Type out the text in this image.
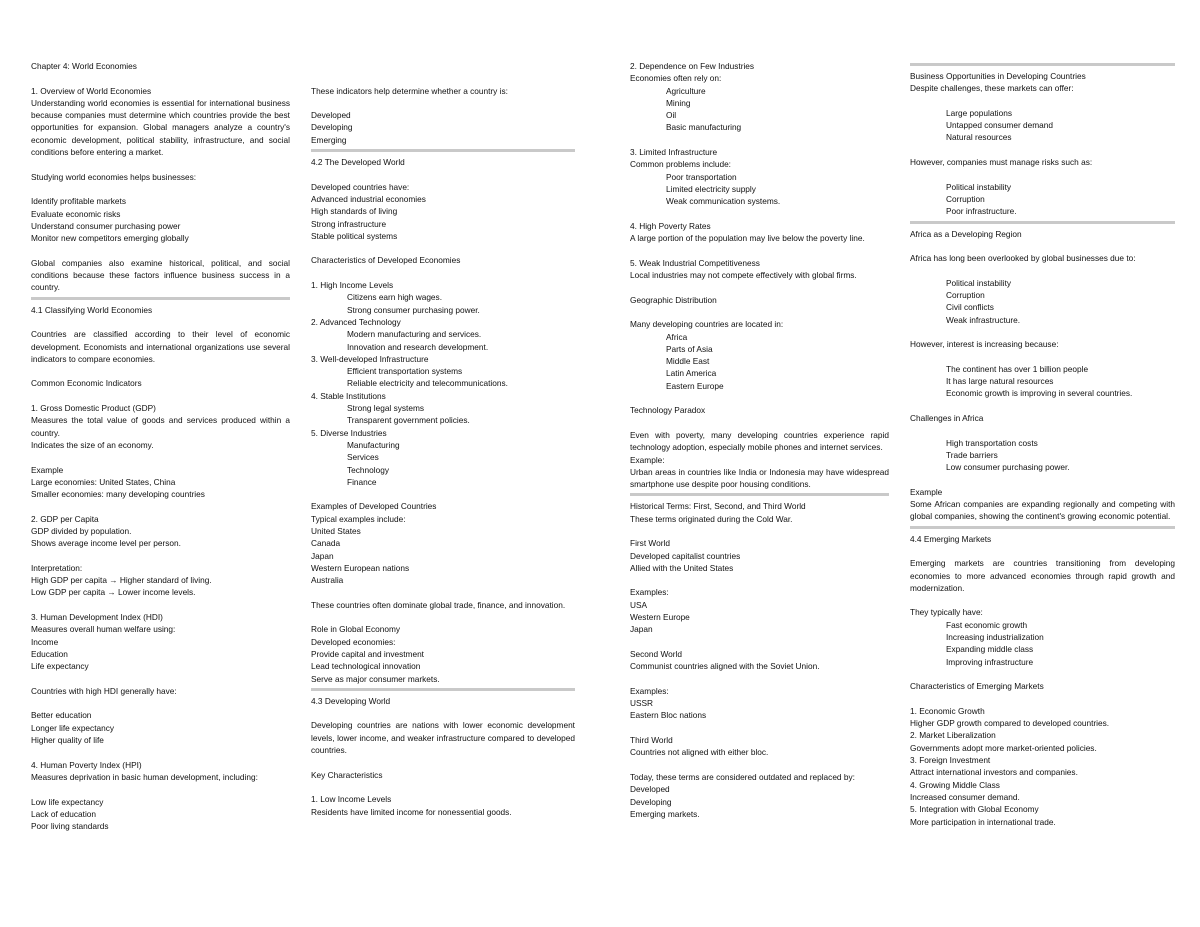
Chapter 4: World Economies
1. Overview of World Economies

Understanding world economies is essential for international business because companies must determine which countries provide the best opportunities for expansion. Global managers analyze a country's economic development, political stability, infrastructure, and social conditions before entering a market.

Studying world economies helps businesses:
Identify profitable markets
Evaluate economic risks
Understand consumer purchasing power
Monitor new competitors emerging globally

Global companies also examine historical, political, and social conditions because these factors influence business success in a country.

4.1 Classifying World Economies

Countries are classified according to their level of economic development. Economists and international organizations use several indicators to compare economies.

Common Economic Indicators
1. Gross Domestic Product (GDP)

Measures the total value of goods and services produced within a country.

Indicates the size of an economy.
Example
Large economies: United States, China
Smaller economies: many developing countries
2. GDP per Capita
GDP divided by population.
Shows average income level per person.
Interpretation:
High GDP per capita → Higher standard of living.
Low GDP per capita → Lower income levels.
3. Human Development Index (HDI)
Measures overall human welfare using:
Income
Education
Life expectancy
Countries with high HDI generally have:
Better education
Longer life expectancy
Higher quality of life
4. Human Poverty Index (HPI)
Measures deprivation in basic human development, including:
Low life expectancy
Lack of education
Poor living standards
These indicators help determine whether a country is:
Developed
Developing
Emerging
4.2 The Developed World
Developed countries have:
Advanced industrial economies
High standards of living
Strong infrastructure
Stable political systems
Characteristics of Developed Economies
1. High Income Levels
Citizens earn high wages.
Strong consumer purchasing power.
2. Advanced Technology
Modern manufacturing and services.
Innovation and research development.
3. Well-developed Infrastructure
Efficient transportation systems
Reliable electricity and telecommunications.
4. Stable Institutions
Strong legal systems
Transparent government policies.
5. Diverse Industries
Manufacturing
Services
Technology
Finance
Examples of Developed Countries
Typical examples include:
United States
Canada
Japan
Western European nations
Australia

These countries often dominate global trade, finance, and innovation.

Role in Global Economy
Developed economies:
Provide capital and investment
Lead technological innovation
Serve as major consumer markets.
4.3 Developing World

Developing countries are nations with lower economic development levels, lower income, and weaker infrastructure compared to developed countries.

Key Characteristics
1. Low Income Levels
Residents have limited income for nonessential goods.
2. Dependence on Few Industries
Economies often rely on:
Agriculture
Mining
Oil
Basic manufacturing
3. Limited Infrastructure
Common problems include:
Poor transportation
Limited electricity supply
Weak communication systems.
4. High Poverty Rates

A large portion of the population may live below the poverty line.

5. Weak Industrial Competitiveness
Local industries may not compete effectively with global firms.
Geographic Distribution
Many developing countries are located in:
Africa
Parts of Asia
Middle East
Latin America
Eastern Europe
Technology Paradox

Even with poverty, many developing countries experience rapid technology adoption, especially mobile phones and internet services.

Example:

Urban areas in countries like India or Indonesia may have widespread smartphone use despite poor housing conditions.

Historical Terms: First, Second, and Third World
These terms originated during the Cold War.
First World
Developed capitalist countries
Allied with the United States
Examples:
USA
Western Europe
Japan
Second World
Communist countries aligned with the Soviet Union.
Examples:
USSR
Eastern Bloc nations
Third World
Countries not aligned with either bloc.
Today, these terms are considered outdated and replaced by:
Developed
Developing
Emerging markets.
Business Opportunities in Developing Countries
Despite challenges, these markets can offer:
Large populations
Untapped consumer demand
Natural resources
However, companies must manage risks such as:
Political instability
Corruption
Poor infrastructure.
Africa as a Developing Region
Africa has long been overlooked by global businesses due to:
Political instability
Corruption
Civil conflicts
Weak infrastructure.
However, interest is increasing because:
The continent has over 1 billion people
It has large natural resources
Economic growth is improving in several countries.
Challenges in Africa
High transportation costs
Trade barriers
Low consumer purchasing power.
Example

Some African companies are expanding regionally and competing with global companies, showing the continent's growing economic potential.

4.4 Emerging Markets

Emerging markets are countries transitioning from developing economies to more advanced economies through rapid growth and modernization.

They typically have:
Fast economic growth
Increasing industrialization
Expanding middle class
Improving infrastructure
Characteristics of Emerging Markets
1. Economic Growth
Higher GDP growth compared to developed countries.
2. Market Liberalization
Governments adopt more market-oriented policies.
3. Foreign Investment
Attract international investors and companies.
4. Growing Middle Class
Increased consumer demand.
5. Integration with Global Economy
More participation in international trade.
